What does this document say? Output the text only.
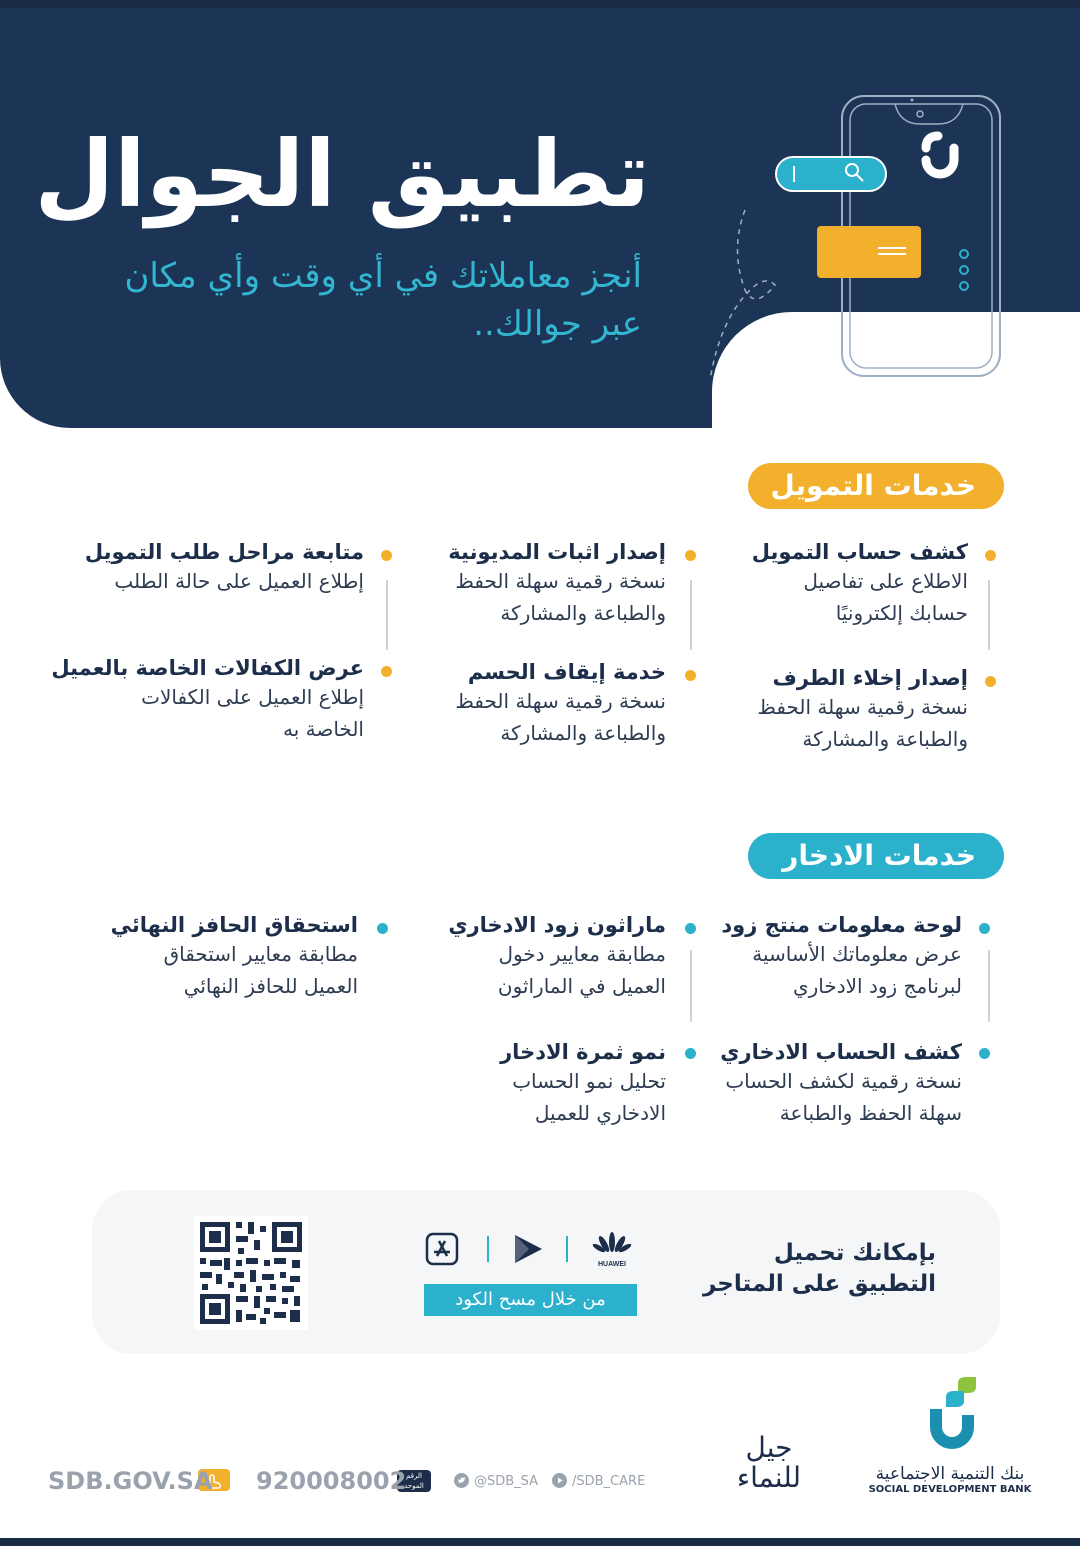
تطبيق الجوال
أنجز معاملاتك في أي وقت وأي مكان
عبر جوالك..
خدمات التمويل
كشف حساب التمويل
الاطلاع على تفاصيل
حسابك إلكترونيًا
إصدار اثبات المديونية
نسخة رقمية سهلة الحفظ
والطباعة والمشاركة
متابعة مراحل طلب التمويل
إطلاع العميل على حالة الطلب
إصدار إخلاء الطرف
نسخة رقمية سهلة الحفظ
والطباعة والمشاركة
خدمة إيقاف الحسم
نسخة رقمية سهلة الحفظ
والطباعة والمشاركة
عرض الكفالات الخاصة بالعميل
إطلاع العميل على الكفالات
الخاصة به
خدمات الادخار
لوحة معلومات منتج زود
عرض معلوماتك الأساسية
لبرنامج زود الادخاري
ماراثون زود الادخاري
مطابقة معايير دخول
العميل في الماراثون
استحقاق الحافز النهائي
مطابقة معايير استحقاق
العميل للحافز النهائي
كشف الحساب الادخاري
نسخة رقمية لكشف الحساب
سهلة الحفظ والطباعة
نمو ثمرة الادخار
تحليل نمو الحساب
الادخاري للعميل
بإمكانك تحميل
التطبيق على المتاجر
HUAWEI
من خلال مسح الكود
بنك التنمية الاجتماعية
SOCIAL DEVELOPMENT BANK
جيل
للنماء
/SDB_CARE
@SDB_SA
الرقم
الموحد
920008002
SDB.GOV.SA
